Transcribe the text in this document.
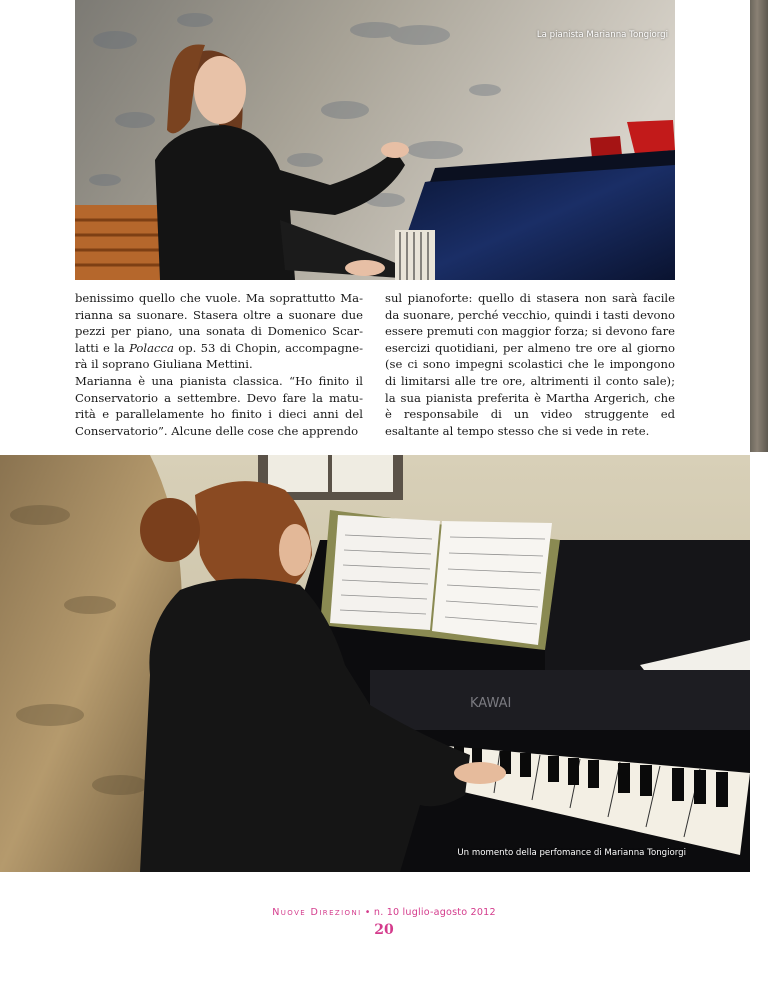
La pianista Marianna Tongiorgi

benissimo quello che vuole. Ma soprattutto Ma-rianna sa suonare. Stasera oltre a suonare due pezzi per piano, una sonata di Domenico Scar-latti e la Polacca op. 53 di Chopin, accompagne-rà il soprano Giuliana Mettini.

Marianna è una pianista classica. “Ho finito il Conservatorio a settembre. Devo fare la matu-rità e parallelamente ho finito i dieci anni del Conservatorio”. Alcune delle cose che apprendo

sul pianoforte: quello di stasera non sarà facile da suonare, perché vecchio, quindi i tasti devono essere premuti con maggior forza; si devono fare esercizi quotidiani, per almeno tre ore al giorno (se ci sono impegni scolastici che le impongono di limitarsi alle tre ore, altrimenti il conto sale); la sua pianista preferita è Martha Argerich, che è responsabile di un video struggente ed esaltante al tempo stesso che si vede in rete.

KAWAI
Un momento della perfomance di Marianna Tongiorgi
Nuove Direzioni • n. 10 luglio-agosto 2012
20
